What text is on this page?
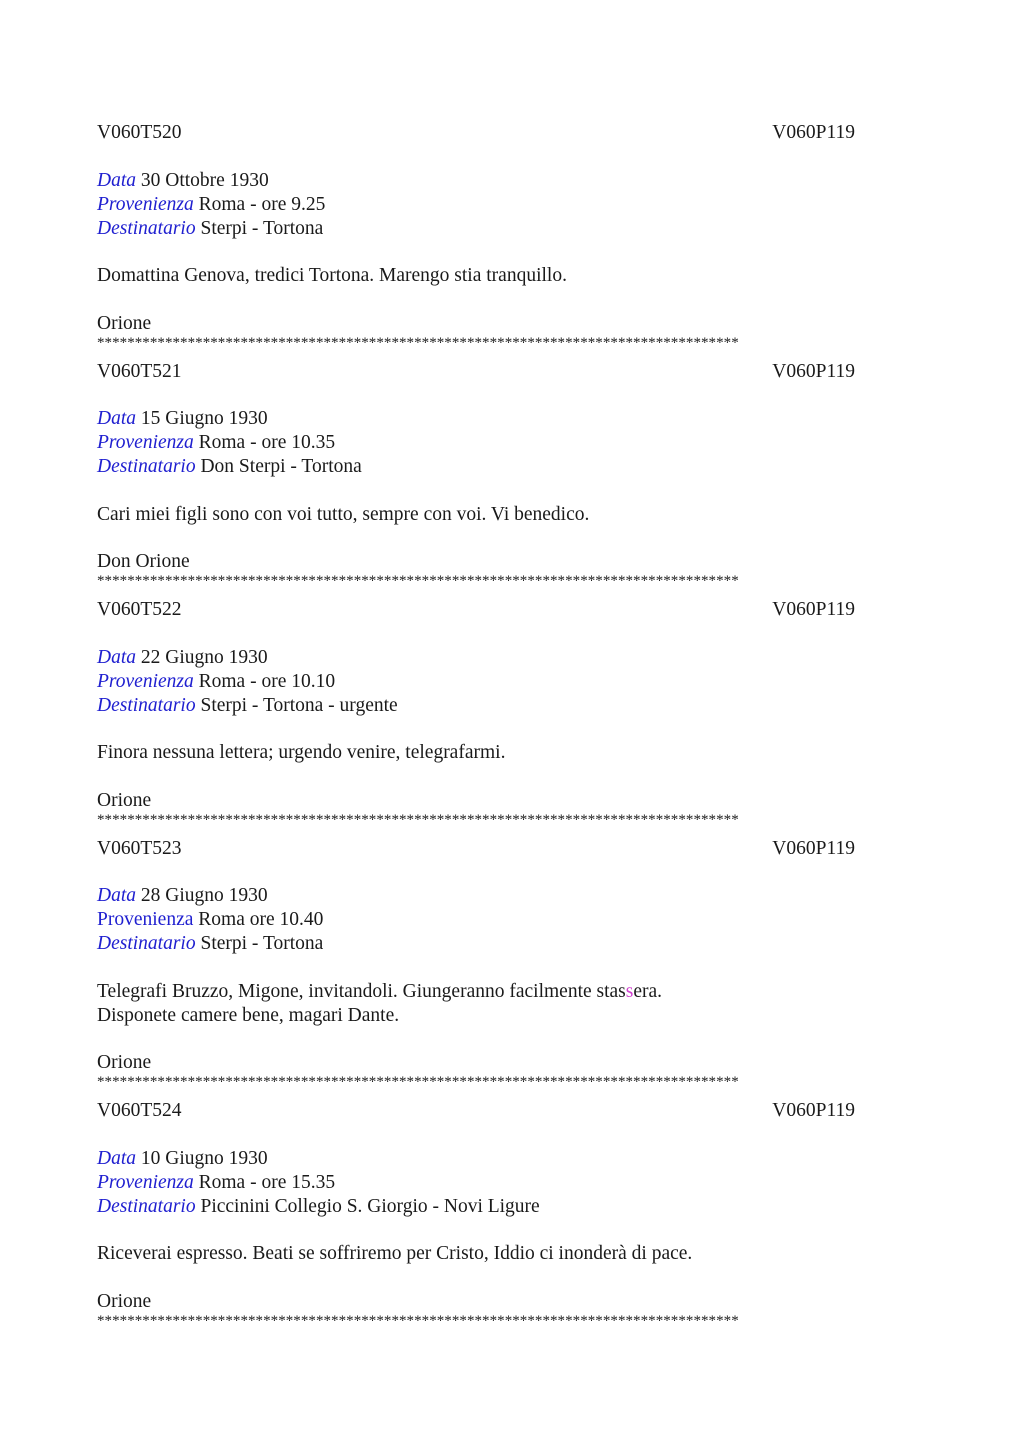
V060T520	V060P119
Data 30 Ottobre 1930
Provenienza Roma - ore 9.25
Destinatario Sterpi - Tortona
Domattina Genova, tredici Tortona. Marengo stia tranquillo.
Orione
*************************************************************************************
V060T521	V060P119
Data 15 Giugno 1930
Provenienza Roma - ore 10.35
Destinatario Don Sterpi - Tortona
Cari miei figli sono con voi tutto, sempre con voi. Vi benedico.
Don Orione
*************************************************************************************
V060T522	V060P119
Data 22 Giugno 1930
Provenienza Roma - ore 10.10
Destinatario Sterpi - Tortona - urgente
Finora nessuna lettera; urgendo venire, telegrafarmi.
Orione
*************************************************************************************
V060T523	V060P119
Data 28 Giugno 1930
Provenienza Roma ore 10.40
Destinatario Sterpi - Tortona
Telegrafi Bruzzo, Migone, invitandoli. Giungeranno facilmente stassera.
Disponete camere bene, magari Dante.
Orione
*************************************************************************************
V060T524	V060P119
Data 10 Giugno 1930
Provenienza Roma - ore 15.35
Destinatario Piccinini Collegio S. Giorgio - Novi Ligure
Riceverai espresso. Beati se soffriremo per Cristo, Iddio ci inonderà di pace.
Orione
*************************************************************************************
